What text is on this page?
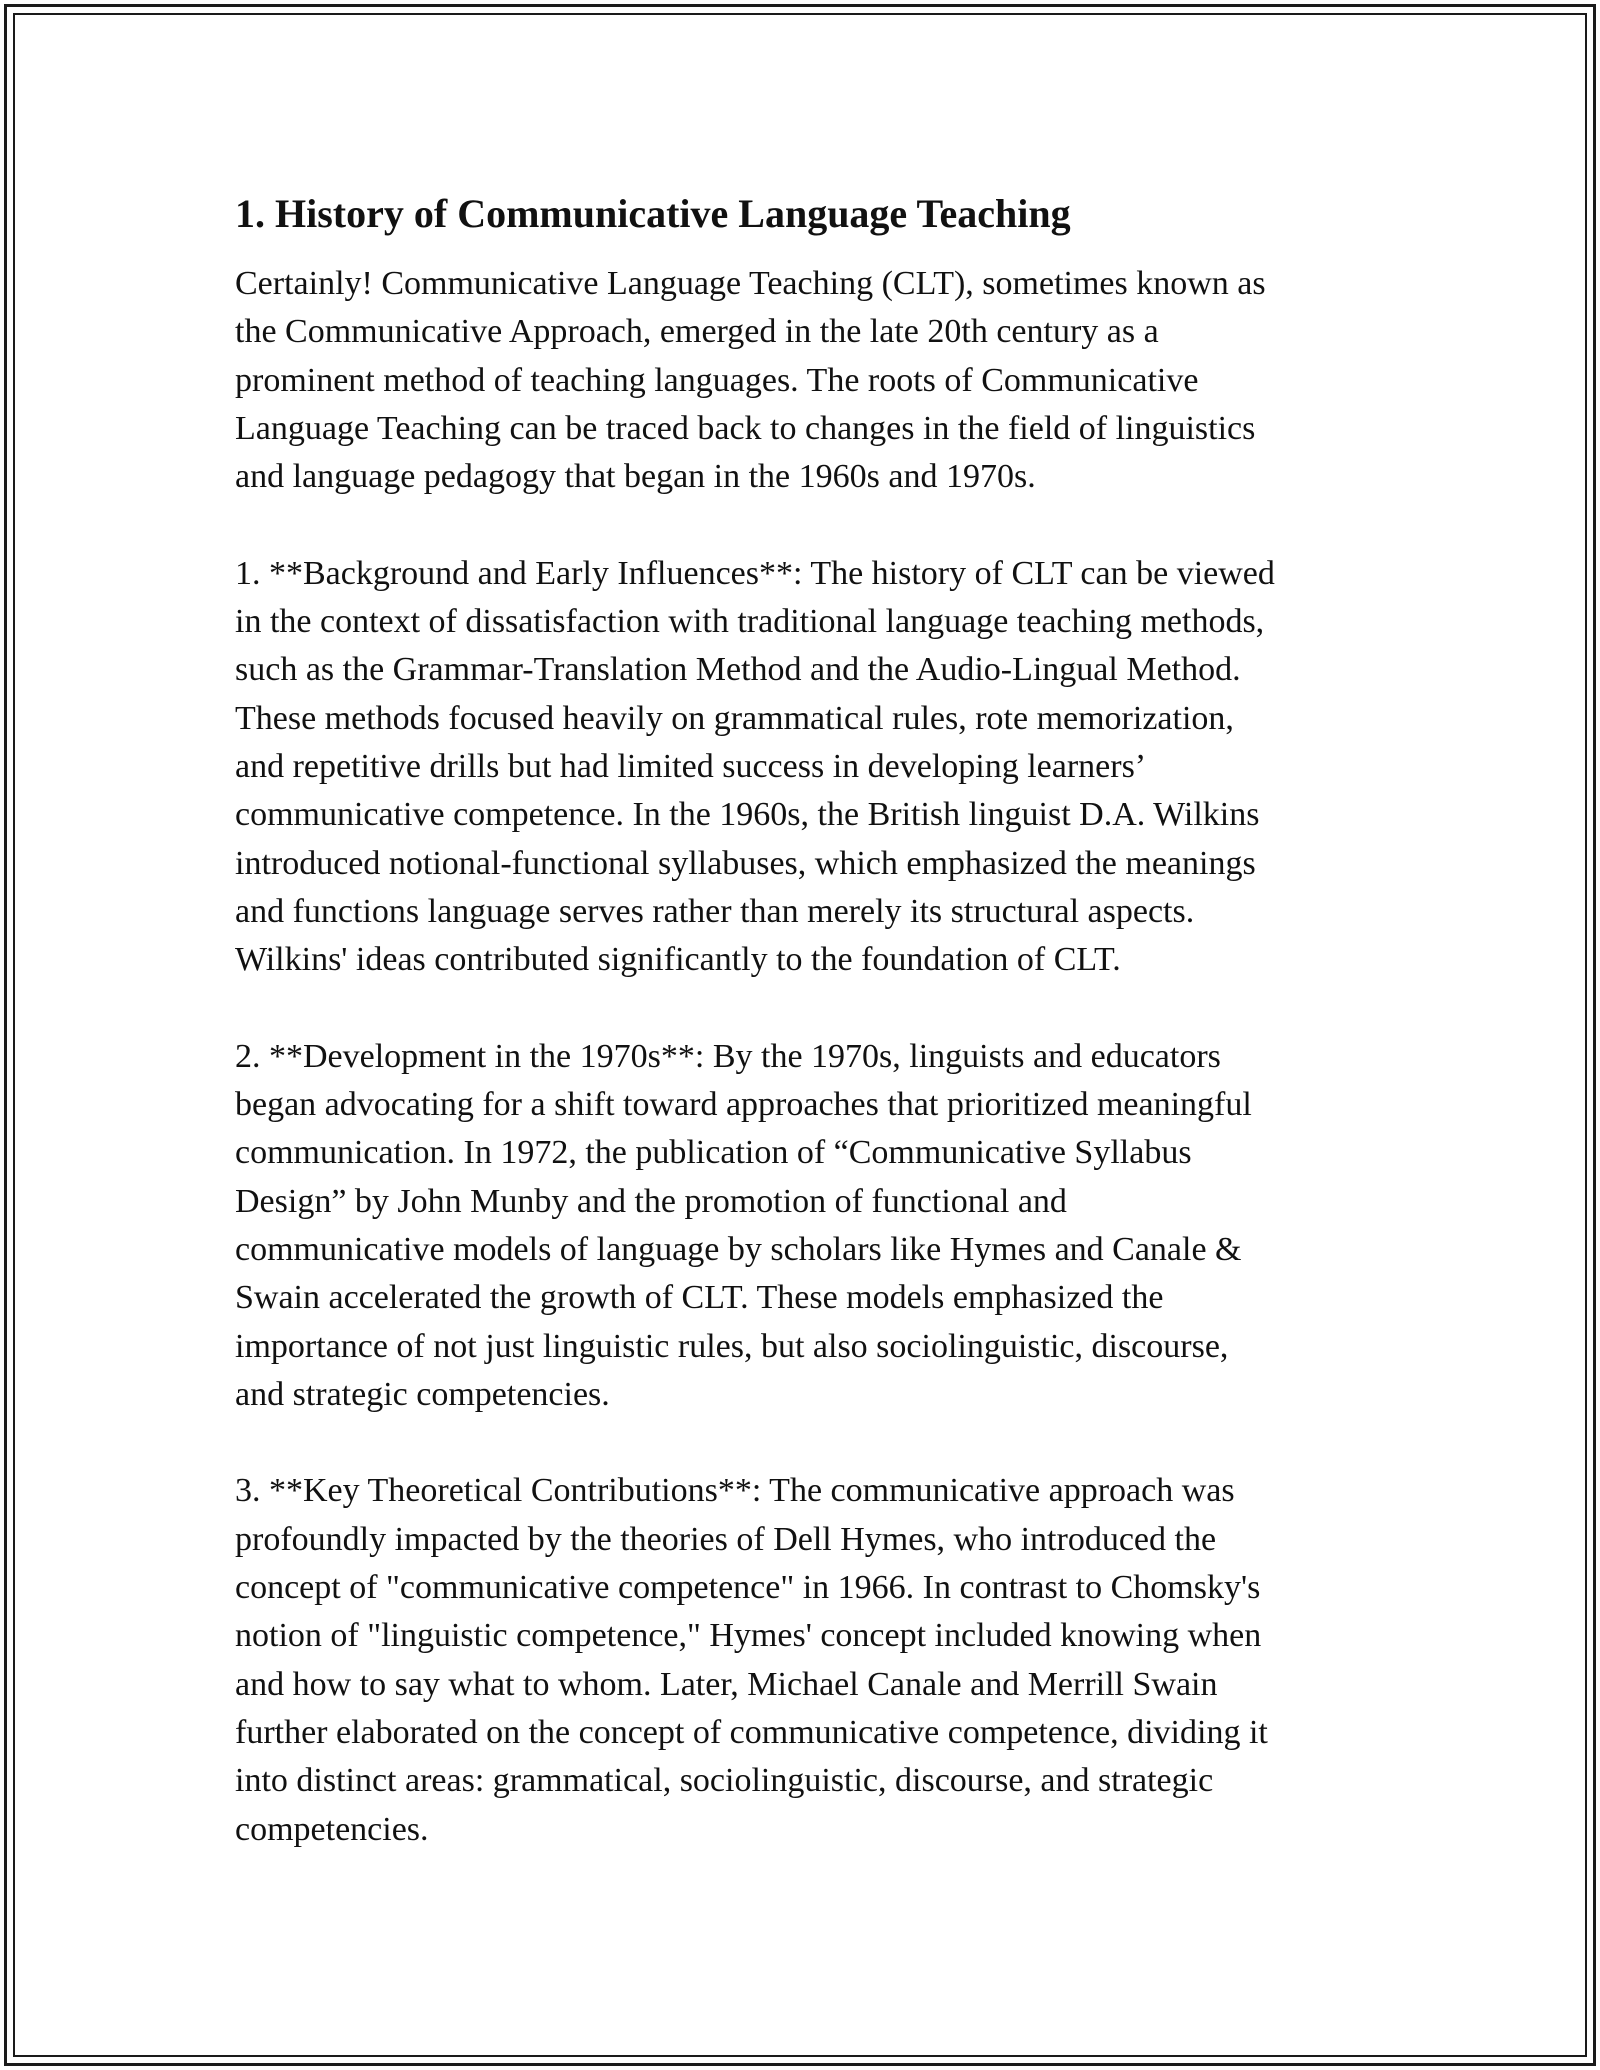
1. History of Communicative Language Teaching

Certainly! Communicative Language Teaching (CLT), sometimes known as
the Communicative Approach, emerged in the late 20th century as a
prominent method of teaching languages. The roots of Communicative
Language Teaching can be traced back to changes in the field of linguistics
and language pedagogy that began in the 1960s and 1970s.

1. **Background and Early Influences**: The history of CLT can be viewed
in the context of dissatisfaction with traditional language teaching methods,
such as the Grammar-Translation Method and the Audio-Lingual Method.
These methods focused heavily on grammatical rules, rote memorization,
and repetitive drills but had limited success in developing learners’
communicative competence. In the 1960s, the British linguist D.A. Wilkins
introduced notional-functional syllabuses, which emphasized the meanings
and functions language serves rather than merely its structural aspects.
Wilkins' ideas contributed significantly to the foundation of CLT.

2. **Development in the 1970s**: By the 1970s, linguists and educators
began advocating for a shift toward approaches that prioritized meaningful
communication. In 1972, the publication of “Communicative Syllabus
Design” by John Munby and the promotion of functional and
communicative models of language by scholars like Hymes and Canale &
Swain accelerated the growth of CLT. These models emphasized the
importance of not just linguistic rules, but also sociolinguistic, discourse,
and strategic competencies.

3. **Key Theoretical Contributions**: The communicative approach was
profoundly impacted by the theories of Dell Hymes, who introduced the
concept of "communicative competence" in 1966. In contrast to Chomsky's
notion of "linguistic competence," Hymes' concept included knowing when
and how to say what to whom. Later, Michael Canale and Merrill Swain
further elaborated on the concept of communicative competence, dividing it
into distinct areas: grammatical, sociolinguistic, discourse, and strategic
competencies.
